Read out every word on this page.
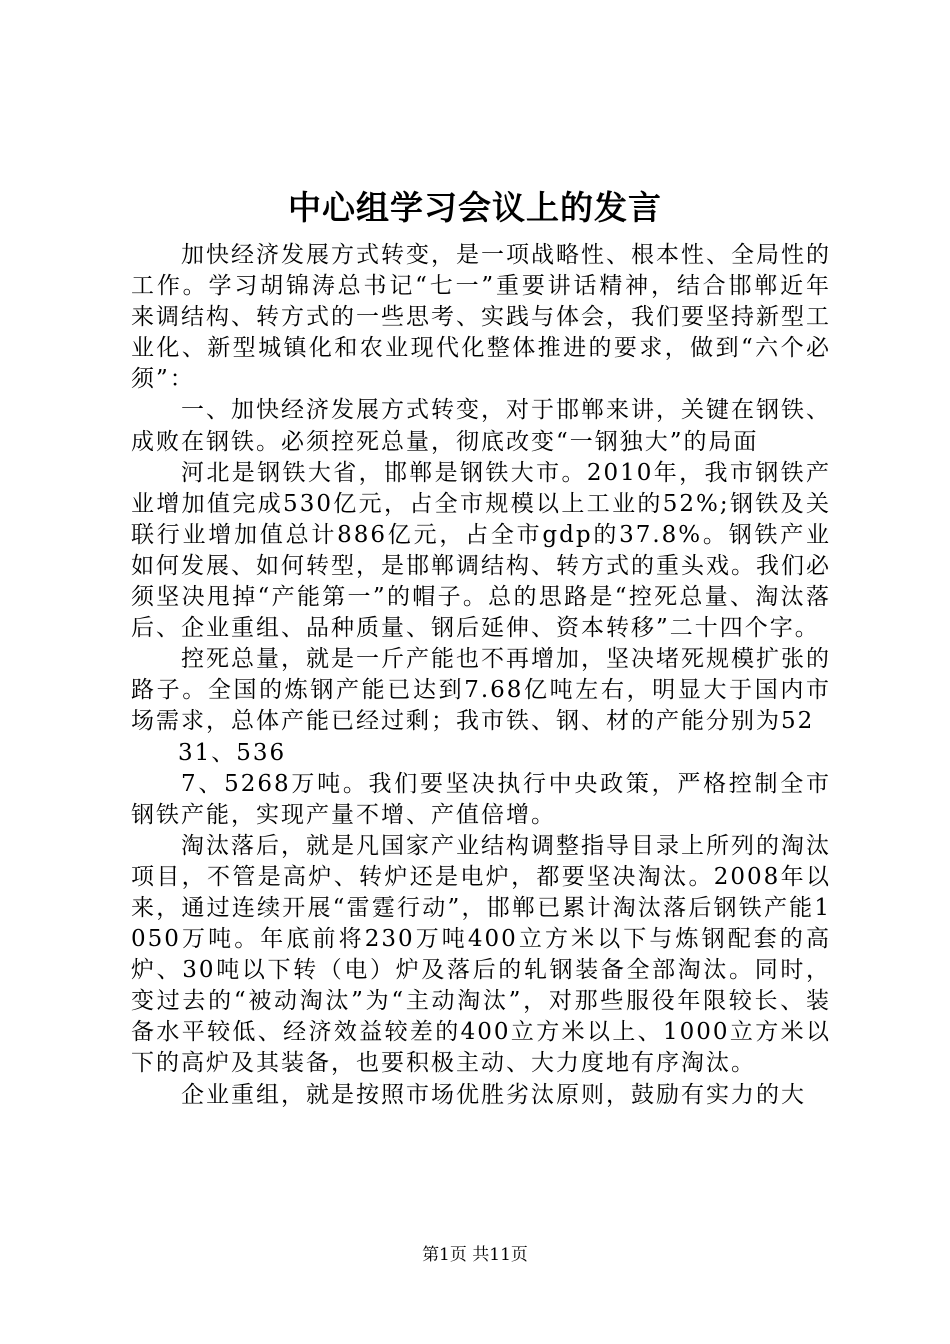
中心组学习会议上的发言

加快经济发展方式转变，是一项战略性、根本性、全局性的工作。学习胡锦涛总书记“七一”重要讲话精神，结合邯郸近年来调结构、转方式的一些思考、实践与体会，我们要坚持新型工业化、新型城镇化和农业现代化整体推进的要求，做到“六个必须”：

一、加快经济发展方式转变，对于邯郸来讲，关键在钢铁、成败在钢铁。必须控死总量，彻底改变“一钢独大”的局面

河北是钢铁大省，邯郸是钢铁大市。2010年，我市钢铁产业增加值完成530亿元，占全市规模以上工业的52%;钢铁及关联行业增加值总计886亿元，占全市gdp的37.8%。钢铁产业如何发展、如何转型，是邯郸调结构、转方式的重头戏。我们必须坚决甩掉“产能第一”的帽子。总的思路是“控死总量、淘汰落后、企业重组、品种质量、钢后延伸、资本转移”二十四个字。

控死总量，就是一斤产能也不再增加，坚决堵死规模扩张的路子。全国的炼钢产能已达到7.68亿吨左右，明显大于国内市场需求，总体产能已经过剩；我市铁、钢、材的产能分别为52

31、536

7、5268万吨。我们要坚决执行中央政策，严格控制全市钢铁产能，实现产量不增、产值倍增。

淘汰落后，就是凡国家产业结构调整指导目录上所列的淘汰项目，不管是高炉、转炉还是电炉，都要坚决淘汰。2008年以来，通过连续开展“雷霆行动”，邯郸已累计淘汰落后钢铁产能1050万吨。年底前将230万吨400立方米以下与炼钢配套的高炉、30吨以下转（电）炉及落后的轧钢装备全部淘汰。同时，变过去的“被动淘汰”为“主动淘汰”，对那些服役年限较长、装备水平较低、经济效益较差的400立方米以上、1000立方米以下的高炉及其装备，也要积极主动、大力度地有序淘汰。

企业重组，就是按照市场优胜劣汰原则，鼓励有实力的大

第1页 共11页
